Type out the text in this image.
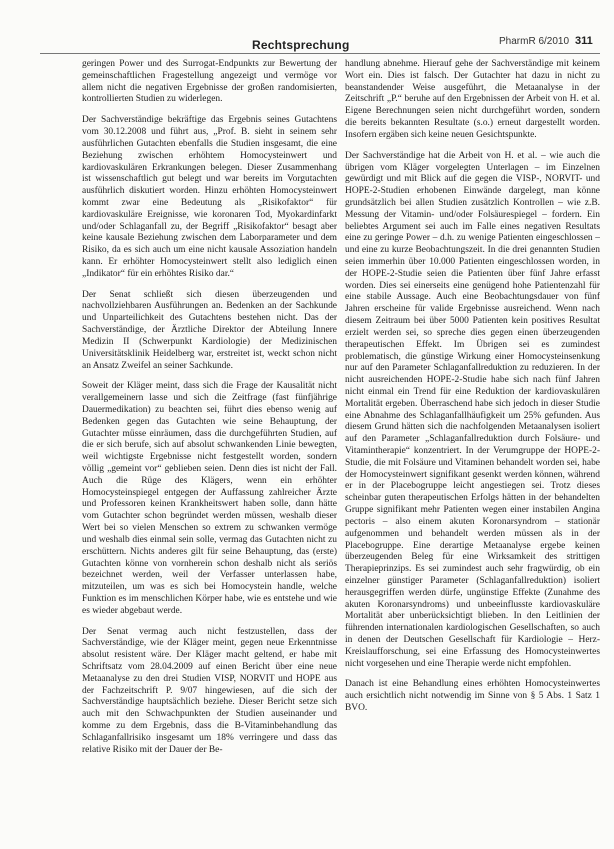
Rechtsprechung	PharmR 6/2010 311

geringen Power und des Surrogat-Endpunkts zur Bewertung der gemeinschaftlichen Fragestellung angezeigt und vermöge vor allem nicht die negativen Ergebnisse der großen randomisierten, kontrollierten Studien zu widerlegen.

Der Sachverständige bekräftige das Ergebnis seines Gutachtens vom 30.12.2008 und führt aus, „Prof. B. sieht in seinem sehr ausführlichen Gutachten ebenfalls die Studien insgesamt, die eine Beziehung zwischen erhöhtem Homocysteinwert und kardiovaskulären Erkrankungen belegen. Dieser Zusammenhang ist wissenschaftlich gut belegt und war bereits im Vorgutachten ausführlich diskutiert worden. Hinzu erhöhten Homocysteinwert kommt zwar eine Bedeutung als „Risikofaktor“ für kardiovaskuläre Ereignisse, wie koronaren Tod, Myokardinfarkt und/oder Schlaganfall zu, der Begriff „Risikofaktor“ besagt aber keine kausale Beziehung zwischen dem Laborparameter und dem Risiko, da es sich auch um eine nicht kausale Assoziation handeln kann. Er erhöhter Homocysteinwert stellt also lediglich einen „Indikator“ für ein erhöhtes Risiko dar.“

Der Senat schließt sich diesen überzeugenden und nachvollziehbaren Ausführungen an. Bedenken an der Sachkunde und Unparteilichkeit des Gutachtens bestehen nicht. Das der Sachverständige, der Ärztliche Direktor der Abteilung Innere Medizin II (Schwerpunkt Kardiologie) der Medizinischen Universitätsklinik Heidelberg war, erstreitet ist, weckt schon nicht an Ansatz Zweifel an seiner Sachkunde.

Soweit der Kläger meint, dass sich die Frage der Kausalität nicht verallgemeinern lasse und sich die Zeitfrage (fast fünfjährige Dauermedikation) zu beachten sei, führt dies ebenso wenig auf Bedenken gegen das Gutachten wie seine Behauptung, der Gutachter müsse einräumen, dass die durchgeführten Studien, auf die er sich berufe, sich auf absolut schwankenden Linie bewegten, weil wichtigste Ergebnisse nicht festgestellt worden, sondern völlig „gemeint vor“ geblieben seien. Denn dies ist nicht der Fall. Auch die Rüge des Klägers, wenn ein erhöhter Homocysteinspiegel entgegen der Auffassung zahlreicher Ärzte und Professoren keinen Krankheitswert haben solle, dann hätte vom Gutachter schon begründet werden müssen, weshalb dieser Wert bei so vielen Menschen so extrem zu schwanken vermöge und weshalb dies einmal sein solle, vermag das Gutachten nicht zu erschüttern. Nichts anderes gilt für seine Behauptung, das (erste) Gutachten könne von vornherein schon deshalb nicht als seriös bezeichnet werden, weil der Verfasser unterlassen habe, mitzuteilen, um was es sich bei Homocystein handle, welche Funktion es im menschlichen Körper habe, wie es entstehe und wie es wieder abgebaut werde.

Der Senat vermag auch nicht festzustellen, dass der Sachverständige, wie der Kläger meint, gegen neue Erkenntnisse absolut resistent wäre. Der Kläger macht geltend, er habe mit Schriftsatz vom 28.04.2009 auf einen Bericht über eine neue Metaanalyse zu den drei Studien VISP, NORVIT und HOPE aus der Fachzeitschrift P. 9/07 hingewiesen, auf die sich der Sachverständige hauptsächlich beziehe. Dieser Bericht setze sich auch mit den Schwachpunkten der Studien auseinander und komme zu dem Ergebnis, dass die B-Vitaminbehandlung das Schlaganfallrisiko insgesamt um 18% verringere und dass das relative Risiko mit der Dauer der Be-

handlung abnehme. Hierauf gehe der Sachverständige mit keinem Wort ein. Dies ist falsch. Der Gutachter hat dazu in nicht zu beanstandender Weise ausgeführt, die Metaanalyse in der Zeitschrift „P.“ beruhe auf den Ergebnissen der Arbeit von H. et al. Eigene Berechnungen seien nicht durchgeführt worden, sondern die bereits bekannten Resultate (s.o.) erneut dargestellt worden. Insofern ergäben sich keine neuen Gesichtspunkte.

Der Sachverständige hat die Arbeit von H. et al. – wie auch die übrigen vom Kläger vorgelegten Unterlagen – im Einzelnen gewürdigt und mit Blick auf die gegen die VISP-, NORVIT- und HOPE-2-Studien erhobenen Einwände dargelegt, man könne grundsätzlich bei allen Studien zusätzlich Kontrollen – wie z.B. Messung der Vitamin- und/oder Folsäurespiegel – fordern. Ein beliebtes Argument sei auch im Falle eines negativen Resultats eine zu geringe Power – d.h. zu wenige Patienten eingeschlossen – und eine zu kurze Beobachtungszeit. In die drei genannten Studien seien immerhin über 10.000 Patienten eingeschlossen worden, in der HOPE-2-Studie seien die Patienten über fünf Jahre erfasst worden. Dies sei einerseits eine genügend hohe Patientenzahl für eine stabile Aussage. Auch eine Beobachtungsdauer von fünf Jahren erscheine für valide Ergebnisse ausreichend. Wenn nach diesem Zeitraum bei über 5000 Patienten kein positives Resultat erzielt werden sei, so spreche dies gegen einen überzeugenden therapeutischen Effekt. Im Übrigen sei es zumindest problematisch, die günstige Wirkung einer Homocysteinsenkung nur auf den Parameter Schlaganfallreduktion zu reduzieren. In der nicht ausreichenden HOPE-2-Studie habe sich nach fünf Jahren nicht einmal ein Trend für eine Reduktion der kardiovaskulären Mortalität ergeben. Überraschend habe sich jedoch in dieser Studie eine Abnahme des Schlaganfallhäufigkeit um 25% gefunden. Aus diesem Grund hätten sich die nachfolgenden Metaanalysen isoliert auf den Parameter „Schlaganfallreduktion durch Folsäure- und Vitamintherapie“ konzentriert. In der Verumgruppe der HOPE-2-Studie, die mit Folsäure und Vitaminen behandelt worden sei, habe der Homocysteinwert signifikant gesenkt werden können, während er in der Placebogruppe leicht angestiegen sei. Trotz dieses scheinbar guten therapeutischen Erfolgs hätten in der behandelten Gruppe signifikant mehr Patienten wegen einer instabilen Angina pectoris – also einem akuten Koronarsyndrom – stationär aufgenommen und behandelt werden müssen als in der Placebogruppe. Eine derartige Metaanalyse ergebe keinen überzeugenden Beleg für eine Wirksamkeit des strittigen Therapieprinzips. Es sei zumindest auch sehr fragwürdig, ob ein einzelner günstiger Parameter (Schlaganfallreduktion) isoliert herausgegriffen werden dürfe, ungünstige Effekte (Zunahme des akuten Koronarsyndroms) und unbeeinflusste kardiovaskuläre Mortalität aber unberücksichtigt blieben. In den Leitlinien der führenden internationalen kardiologischen Gesellschaften, so auch in denen der Deutschen Gesellschaft für Kardiologie – Herz-Kreislaufforschung, sei eine Erfassung des Homocysteinwertes nicht vorgesehen und eine Therapie werde nicht empfohlen.

Danach ist eine Behandlung eines erhöhten Homocysteinwertes auch ersichtlich nicht notwendig im Sinne von § 5 Abs. 1 Satz 1 BVO.
